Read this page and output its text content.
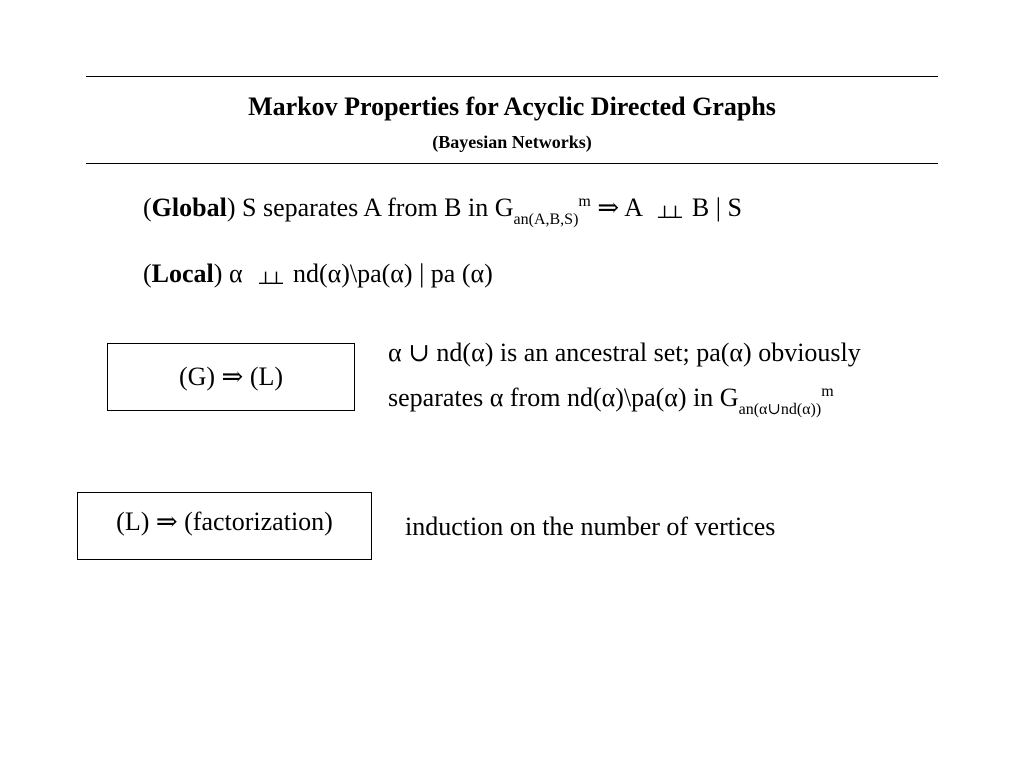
Markov Properties for Acyclic Directed Graphs
(Bayesian Networks)
(Global) S separates A from B in $G_{an(A,B,S)}^m$ ⇒ A ⊥⊥ B | S
(Local) α ⊥⊥ nd(α)\pa(α) | pa (α)
(G) ⇒ (L)
α ∪ nd(α) is an ancestral set; pa(α) obviously
separates α from nd(α)\pa(α) in $G_{an(\alpha\cup nd(\alpha))}^m$
(L) ⇒ (factorization)	induction on the number of vertices
